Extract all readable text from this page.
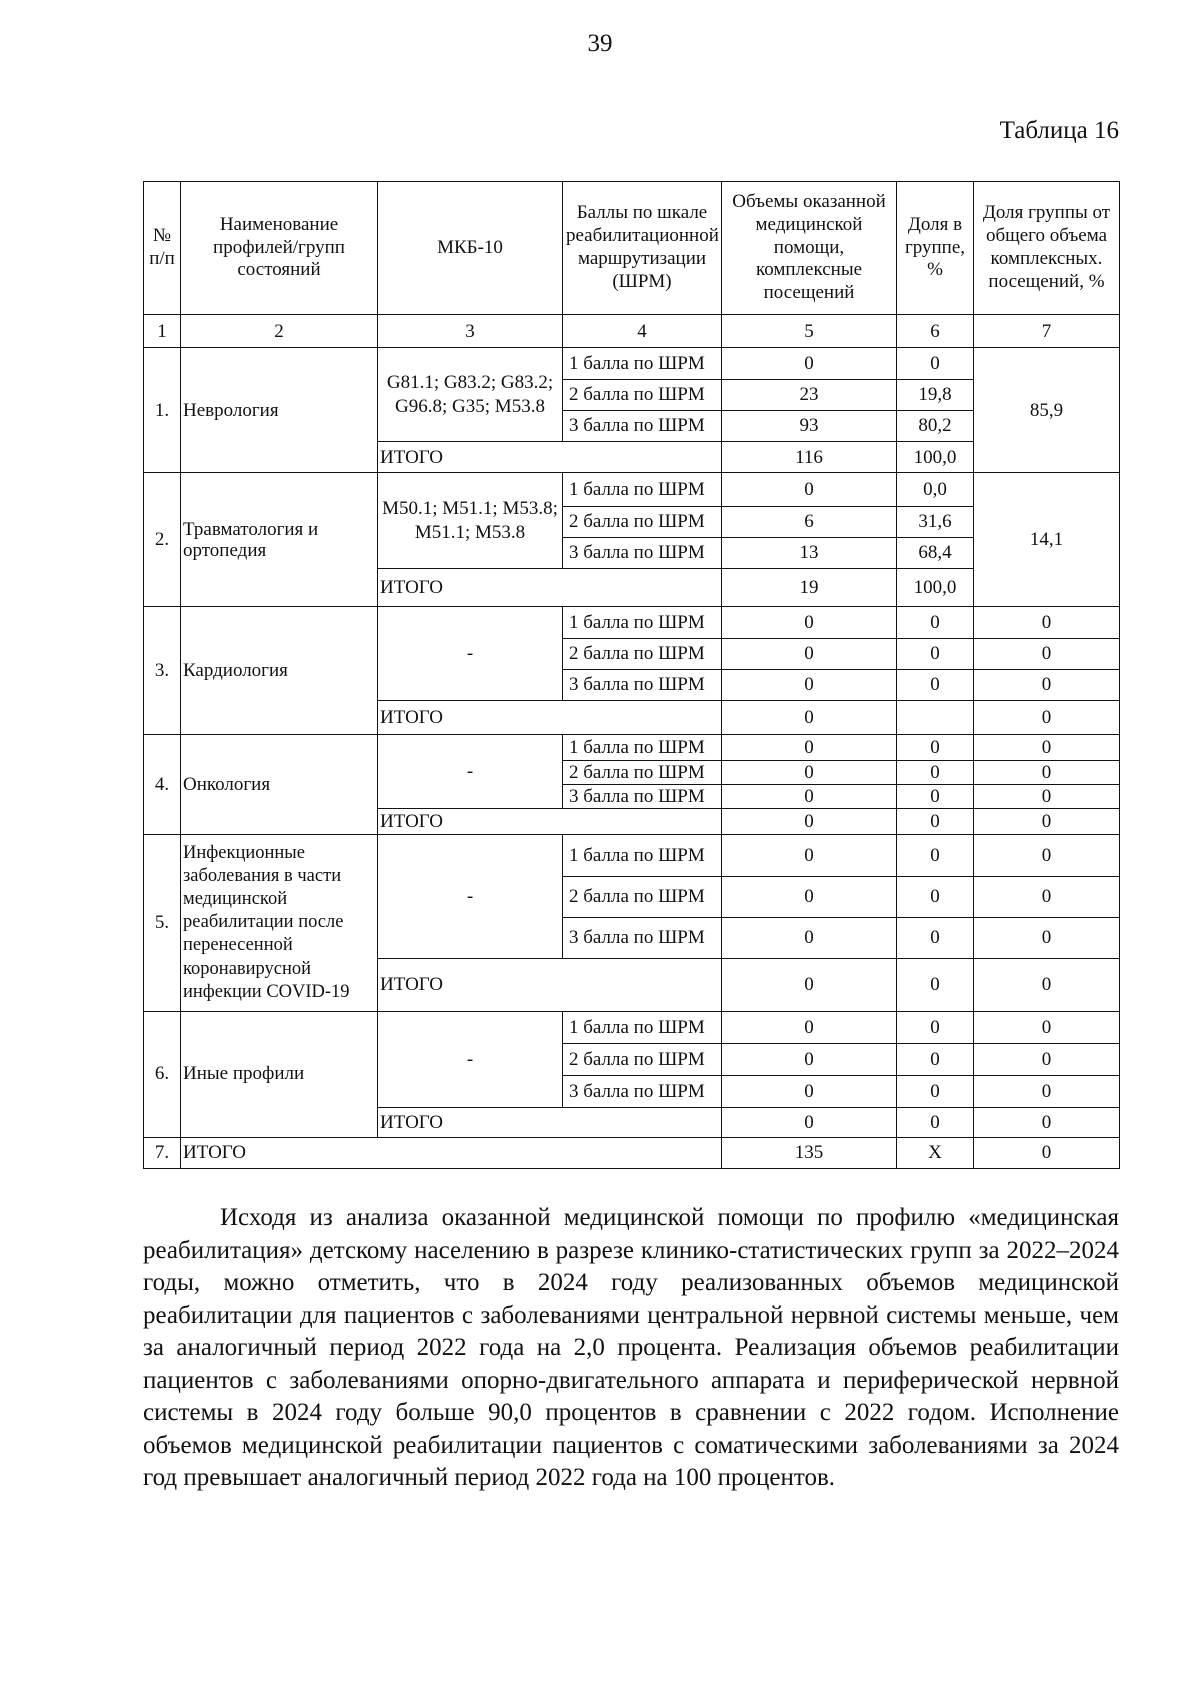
39
Таблица 16
№ п/п	Наименование профилей/групп состояний	МКБ-10	Баллы по шкале реабилитационной маршрутизации (ШРМ)	Объемы оказанной медицинской помощи, комплексные посещений	Доля в группе, %	Доля группы от общего объема комплексных. посещений, %
1	2	3	4	5	6	7
1.	Неврология	G81.1; G83.2; G83.2; G96.8; G35; M53.8	1 балла по ШРМ	0	0	85,9
			2 балла по ШРМ	23	19,8	
			3 балла по ШРМ	93	80,2	
		ИТОГО		116	100,0	
2.	Травматология и ортопедия	M50.1; M51.1; M53.8; M51.1; M53.8	1 балла по ШРМ	0	0,0	14,1
			2 балла по ШРМ	6	31,6	
			3 балла по ШРМ	13	68,4	
		ИТОГО		19	100,0	
3.	Кардиология	-	1 балла по ШРМ	0	0	0
			2 балла по ШРМ	0	0	0
			3 балла по ШРМ	0	0	0
		ИТОГО		0		0
4.	Онкология	-	1 балла по ШРМ	0	0	0
			2 балла по ШРМ	0	0	0
			3 балла по ШРМ	0	0	0
		ИТОГО		0	0	0
5.	Инфекционные заболевания в части медицинской реабилитации после перенесенной коронавирусной инфекции COVID-19	-	1 балла по ШРМ	0	0	0
			2 балла по ШРМ	0	0	0
			3 балла по ШРМ	0	0	0
		ИТОГО		0	0	0
6.	Иные профили	-	1 балла по ШРМ	0	0	0
			2 балла по ШРМ	0	0	0
			3 балла по ШРМ	0	0	0
		ИТОГО		0	0	0
7.	ИТОГО			135	X	0

Исходя из анализа оказанной медицинской помощи по профилю «медицинская реабилитация» детскому населению в разрезе клинико-статистических групп за 2022–2024 годы, можно отметить, что в 2024 году реализованных объемов медицинской реабилитации для пациентов с заболеваниями центральной нервной системы меньше, чем за аналогичный период 2022 года на 2,0 процента. Реализация объемов реабилитации пациентов с заболеваниями опорно-двигательного аппарата и периферической нервной системы в 2024 году больше 90,0 процентов в сравнении с 2022 годом. Исполнение объемов медицинской реабилитации пациентов с соматическими заболеваниями за 2024 год превышает аналогичный период 2022 года на 100 процентов.
